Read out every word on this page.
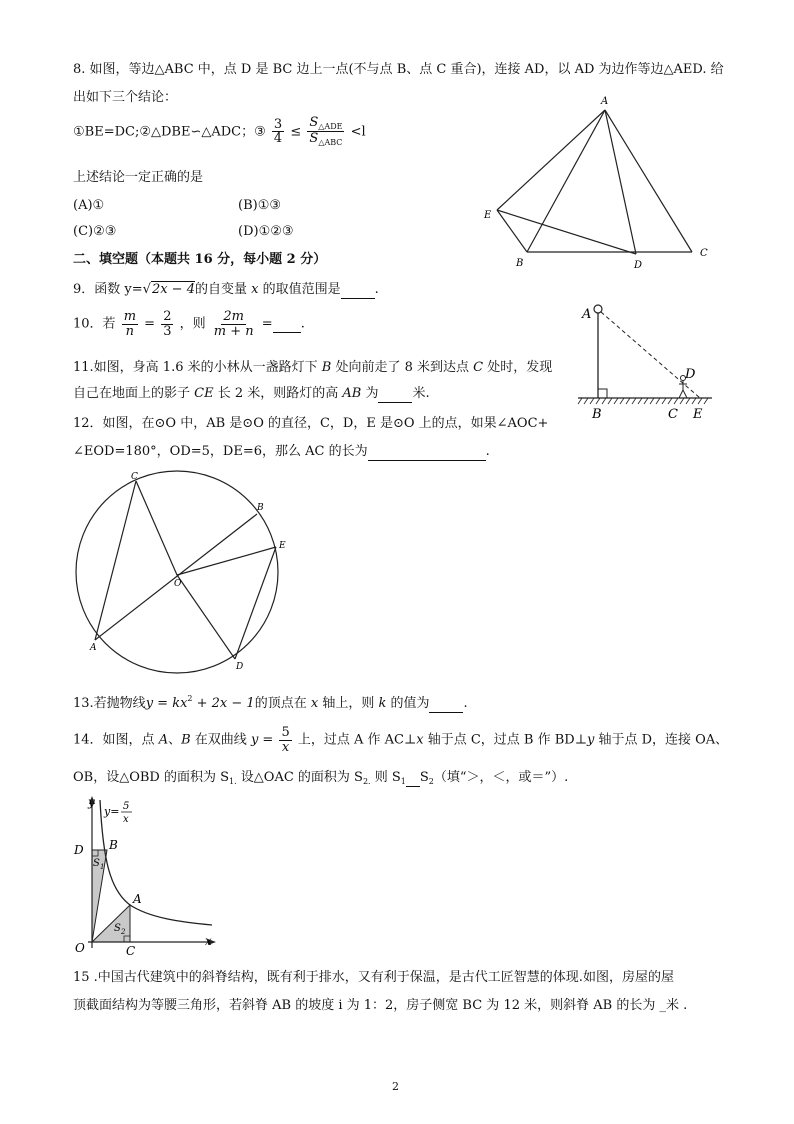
8. 如图，等边△ABC 中，点 D 是 BC 边上一点(不与点 B、点 C 重合)，连接 AD，以 AD 为边作等边△AED. 给
出如下三个结论：
①BE=DC;②△DBE∽△ADC；③ $\frac{3}{4} \le \frac{S_{\triangle ADE}}{S_{\triangle ABC}} <l$
上述结论一定正确的是
(A)①	(B)①③
(C)②③	(D)①②③
A
E
B	D
C
二、填空题（本题共 16 分，每小题 2 分）
9．函数 y=√2x − 4的自变量 x 的取值范围是	.
10．若 $\frac{m}{n} = \frac{2}{3}$ ，则 $\frac{2m}{m + n}$ = .
11.如图，身高 1.6 米的小林从一盏路灯下 B 处向前走了 8 米到达点 C 处时，发现
自己在地面上的影子 CE 长 2 米，则路灯的高 AB 为	米.
A
D
B	C E
12．如图，在⊙O 中，AB 是⊙O 的直径，C，D，E 是⊙O 上的点，如果∠AOC+
∠EOD=180°，OD=5，DE=6，那么 AC 的长为	.
C
B
E
O
A
D
13.若抛物线$y = kx^2 + 2x - 1$的顶点在 x 轴上，则 k 的值为	.
14．如图，点 A、B 在双曲线 $y = \frac{5}{x}$ 上，过点 A 作 AC⊥x 轴于点 C，过点 B 作 BD⊥y 轴于点 D，连接 OA、
OB，设△OBD 的面积为 $S_{1.}$ 设△OAC 的面积为 $S_{2.}$ 则 $S_1$ $S_2$（填“＞，＜，或＝”）.
y
y= 5
x
D B
S 1
A
S 2
O	C
x
15 .中国古代建筑中的斜脊结构，既有利于排水，又有利于保温，是古代工匠智慧的体现.如图，房屋的屋
顶截面结构为等腰三角形，若斜脊 AB 的坡度 i 为 1：2，房子侧宽 BC 为 12 米，则斜脊 AB 的长为 _米 .
2
